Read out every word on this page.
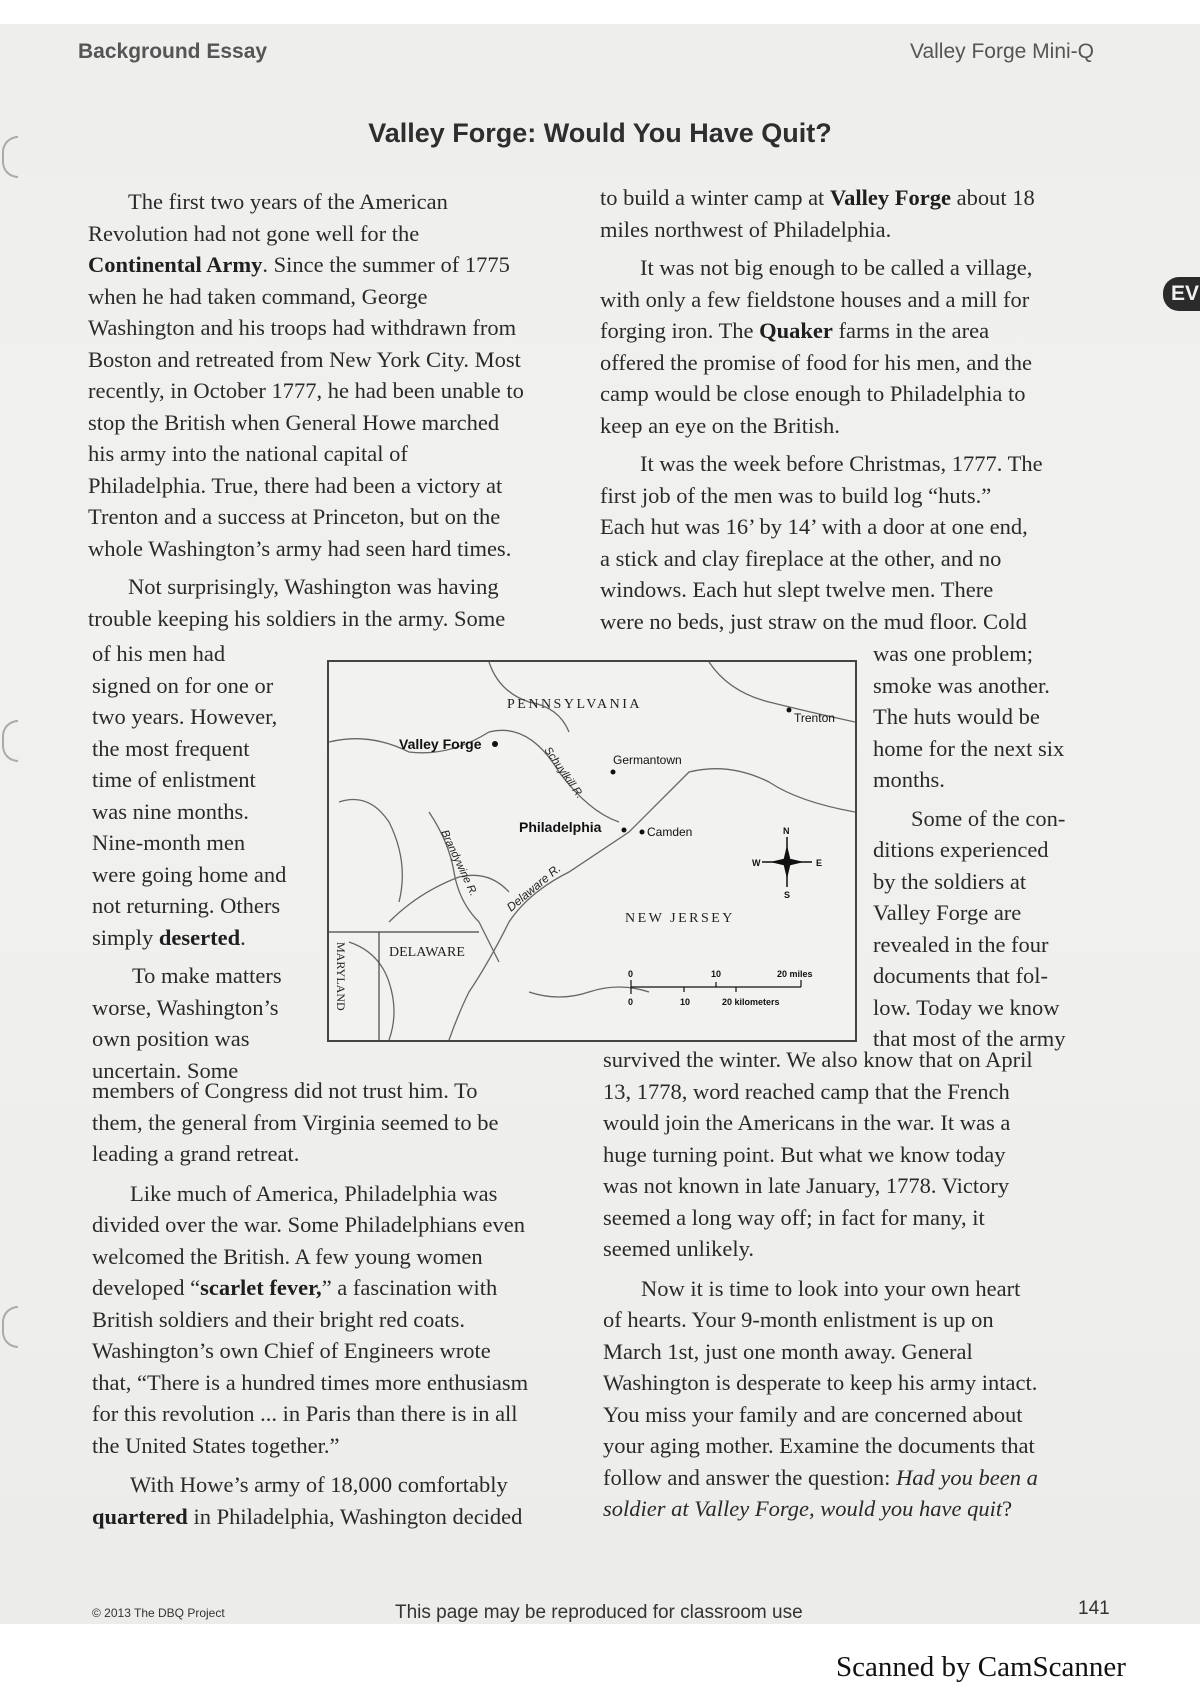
Background Essay	Valley Forge Mini-Q
EV
Valley Forge: Would You Have Quit?
The first two years of the American
Revolution had not gone well for the
Continental Army. Since the summer of 1775
when he had taken command, George
Washington and his troops had withdrawn from
Boston and retreated from New York City. Most
recently, in October 1777, he had been unable to
stop the British when General Howe marched
his army into the national capital of
Philadelphia. True, there had been a victory at
Trenton and a success at Princeton, but on the
whole Washington’s army had seen hard times.
Not surprisingly, Washington was having
trouble keeping his soldiers in the army. Some
of his men had
signed on for one or
two years. However,
the most frequent
time of enlistment
was nine months.
Nine-month men
were going home and
not returning. Others
simply deserted.
To make matters
worse, Washington’s
own position was
uncertain. Some
members of Congress did not trust him. To
them, the general from Virginia seemed to be
leading a grand retreat.
Like much of America, Philadelphia was
divided over the war. Some Philadelphians even
welcomed the British. A few young women
developed “scarlet fever,” a fascination with
British soldiers and their bright red coats.
Washington’s own Chief of Engineers wrote
that, “There is a hundred times more enthusiasm
for this revolution ... in Paris than there is in all
the United States together.”
With Howe’s army of 18,000 comfortably
quartered in Philadelphia, Washington decided
to build a winter camp at Valley Forge about 18
miles northwest of Philadelphia.
It was not big enough to be called a village,
with only a few fieldstone houses and a mill for
forging iron. The Quaker farms in the area
offered the promise of food for his men, and the
camp would be close enough to Philadelphia to
keep an eye on the British.
It was the week before Christmas, 1777. The
first job of the men was to build log “huts.”
Each hut was 16’ by 14’ with a door at one end,
a stick and clay fireplace at the other, and no
windows. Each hut slept twelve men. There
were no beds, just straw on the mud floor. Cold
was one problem;
smoke was another.
The huts would be
home for the next six
months.
Some of the con-
ditions experienced
by the soldiers at
Valley Forge are
revealed in the four
documents that fol-
low. Today we know
that most of the army
survived the winter. We also know that on April
13, 1778, word reached camp that the French
would join the Americans in the war. It was a
huge turning point. But what we know today
was not known in late January, 1778. Victory
seemed a long way off; in fact for many, it
seemed unlikely.
Now it is time to look into your own heart
of hearts. Your 9-month enlistment is up on
March 1st, just one month away. General
Washington is desperate to keep his army intact.
You miss your family and are concerned about
your aging mother. Examine the documents that
follow and answer the question: Had you been a
soldier at Valley Forge, would you have quit?
PENNSYLVANIA
NEW JERSEY
DELAWARE
MARYLAND
Valley Forge
Trenton
Germantown
Philadelphia	Camden
Schuylkill R.
Brandywine R. Delaware R.
N
E
S
W
0	10	20 miles
0	10	20 kilometers
© 2013 The DBQ Project	This page may be reproduced for classroom use	141
Scanned by CamScanner
